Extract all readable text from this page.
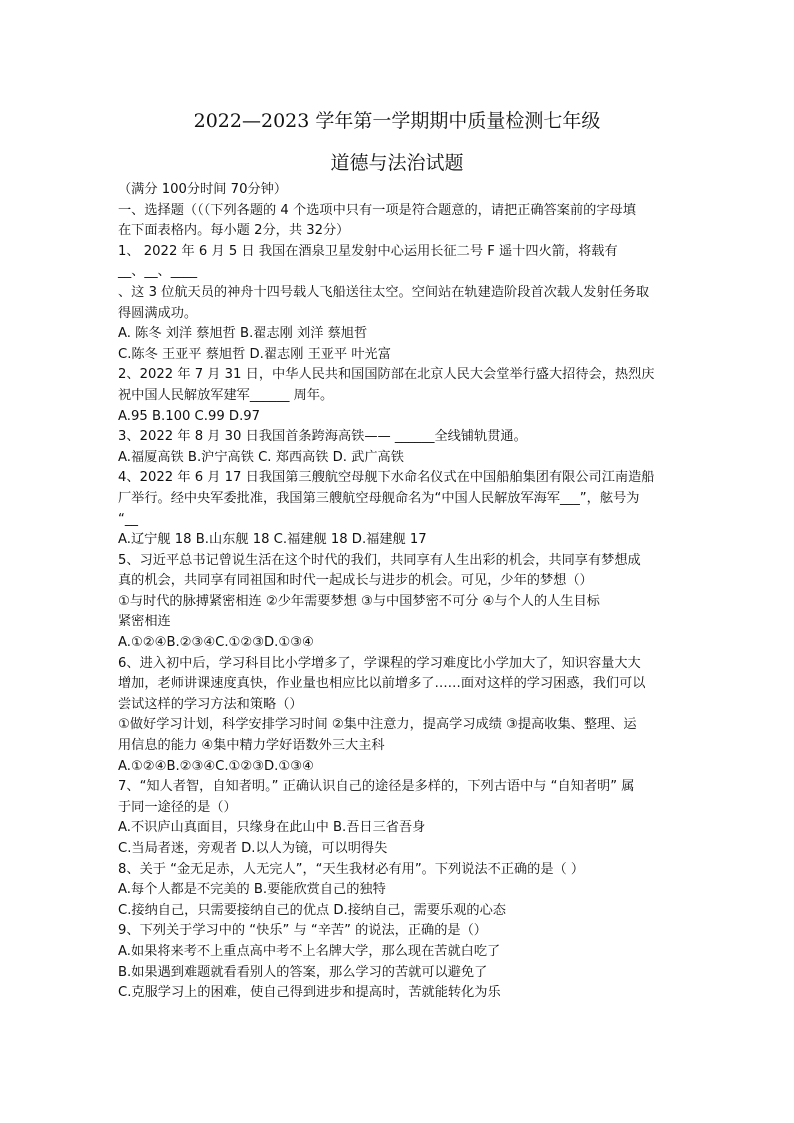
2022—2023 学年第一学期期中质量检测七年级
道德与法治试题

（满分 100分时间 70分钟）

一、选择题（（（下列各题的 4 个选项中只有一项是符合题意的，请把正确答案前的字母填

在下面表格内。每小题 2分，共 32分）

1、 2022 年 6 月 5 日 我国在酒泉卫星发射中心运用长征二号 F 遥十四火箭，将载有

__、__、____

、这 3 位航天员的神舟十四号载人飞船送往太空。空间站在轨建造阶段首次载人发射任务取

得圆满成功。

A. 陈冬 刘洋 蔡旭哲 B.翟志刚 刘洋 蔡旭哲

C.陈冬 王亚平 蔡旭哲 D.翟志刚 王亚平 叶光富

2、2022 年 7 月 31 日，中华人民共和国国防部在北京人民大会堂举行盛大招待会，热烈庆

祝中国人民解放军建军______ 周年。

A.95 B.100 C.99 D.97

3、2022 年 8 月 30 日我国首条跨海高铁—— ______全线铺轨贯通。

A.福厦高铁 B.沪宁高铁 C. 郑西高铁 D. 武广高铁

4、2022 年 6 月 17 日我国第三艘航空母舰下水命名仪式在中国船舶集团有限公司江南造船

厂举行。经中央军委批准，我国第三艘航空母舰命名为“中国人民解放军海军___”，舷号为

“__

A.辽宁舰 18 B.山东舰 18 C.福建舰 18 D.福建舰 17

5、习近平总书记曾说生活在这个时代的我们，共同享有人生出彩的机会，共同享有梦想成

真的机会，共同享有同祖国和时代一起成长与进步的机会。可见，少年的梦想（）

①与时代的脉搏紧密相连 ②少年需要梦想 ③与中国梦密不可分 ④与个人的人生目标

紧密相连

A.①②④B.②③④C.①②③D.①③④

6、进入初中后，学习科目比小学增多了，学课程的学习难度比小学加大了，知识容量大大

增加，老师讲课速度真快，作业量也相应比以前增多了……面对这样的学习困惑，我们可以

尝试这样的学习方法和策略（）

①做好学习计划，科学安排学习时间 ②集中注意力，提高学习成绩 ③提高收集、整理、运

用信息的能力 ④集中精力学好语数外三大主科

A.①②④B.②③④C.①②③D.①③④

7、“知人者智，自知者明。” 正确认识自己的途径是多样的，下列古语中与 “自知者明” 属

于同一途径的是（）

A.不识庐山真面目，只缘身在此山中 B.吾日三省吾身

C.当局者迷，旁观者 D.以人为镜，可以明得失

8、关于 “金无足赤，人无完人”，“天生我材必有用”。下列说法不正确的是（ ）

A.每个人都是不完美的 B.要能欣赏自己的独特

C.接纳自己，只需要接纳自己的优点 D.接纳自己，需要乐观的心态

9、下列关于学习中的 “快乐” 与 “辛苦” 的说法，正确的是（）

A.如果将来考不上重点高中考不上名牌大学，那么现在苦就白吃了

B.如果遇到难题就看看别人的答案，那么学习的苦就可以避免了

C.克服学习上的困难，使自己得到进步和提高时，苦就能转化为乐
